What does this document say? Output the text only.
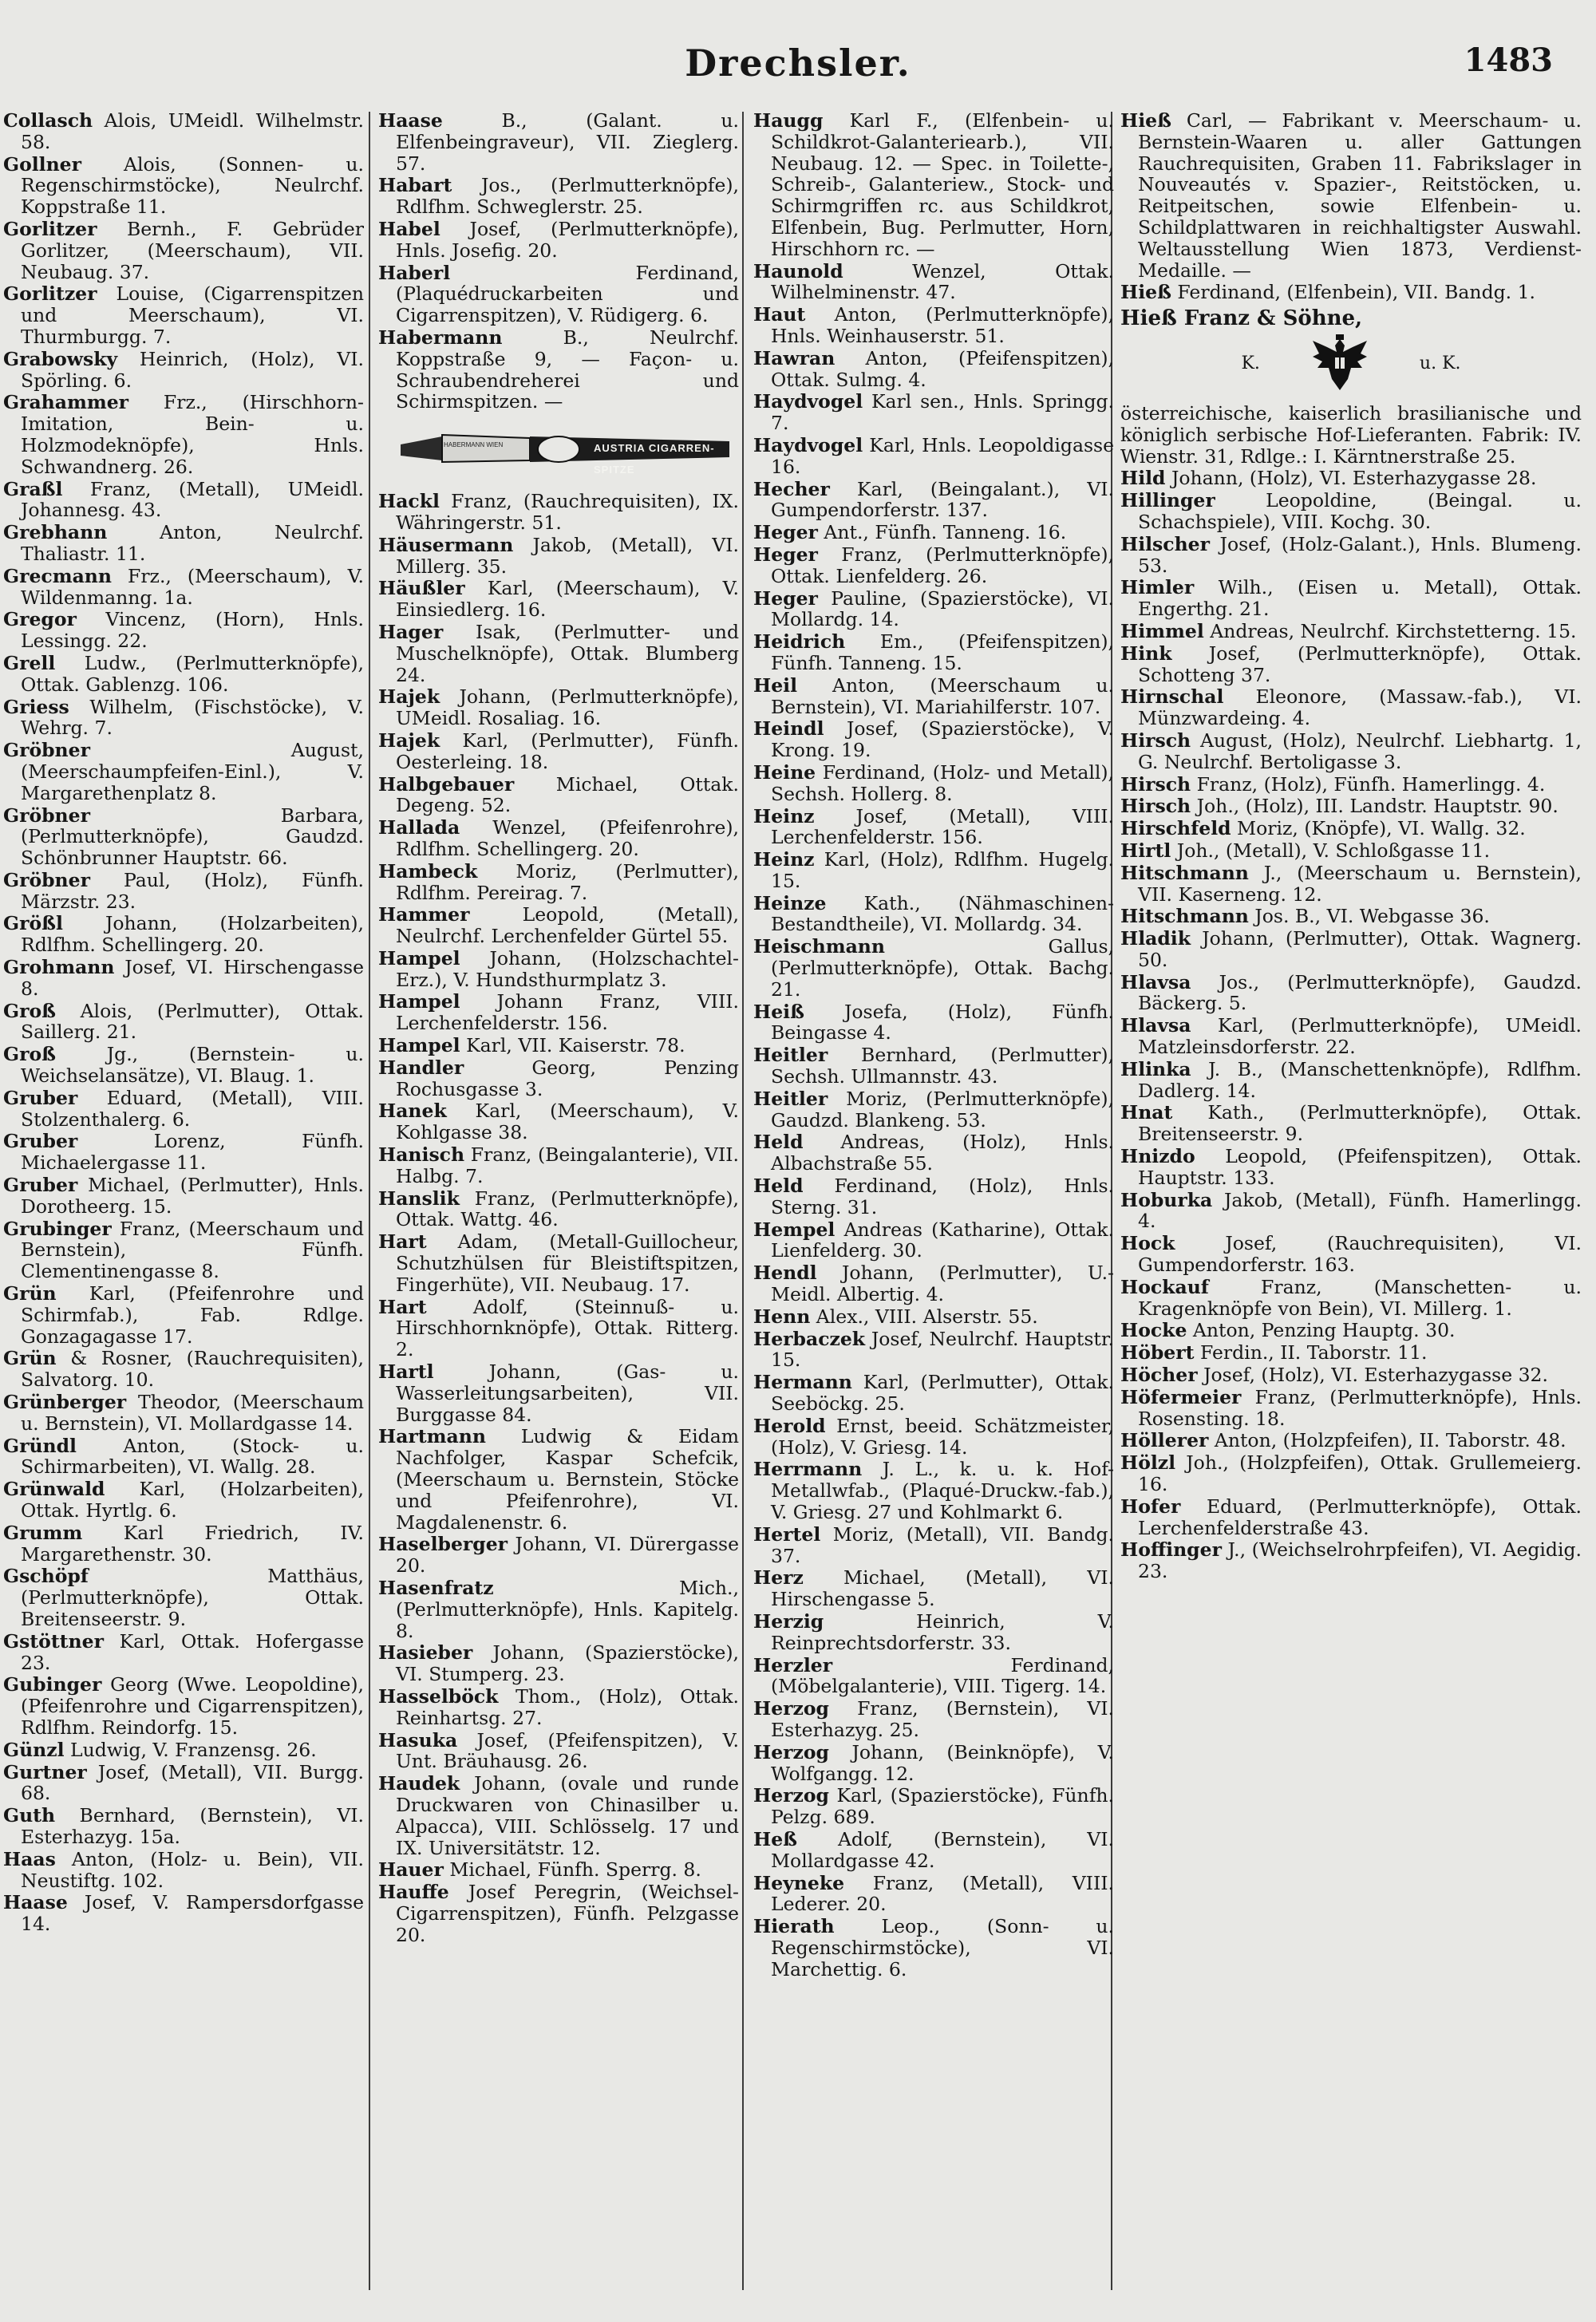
Drechsler.	1483
Collasch Alois, UMeidl. Wilhelmstr. 58.
Gollner Alois, (Sonnen- u. Regenschirmstöcke), Neulrchf. Koppstraße 11.
Gorlitzer Bernh., F. Gebrüder Gorlitzer, (Meerschaum), VII. Neubaug. 37.
Gorlitzer Louise, (Cigarrenspitzen und Meerschaum), VI. Thurmburgg. 7.
Grabowsky Heinrich, (Holz), VI. Spörling. 6.
Grahammer Frz., (Hirschhorn-Imitation, Bein- u. Holzmodeknöpfe), Hnls. Schwandnerg. 26.
Graßl Franz, (Metall), UMeidl. Johannesg. 43.
Grebhann Anton, Neulrchf. Thaliastr. 11.
Grecmann Frz., (Meerschaum), V. Wildenmanng. 1a.
Gregor Vincenz, (Horn), Hnls. Lessingg. 22.
Grell Ludw., (Perlmutterknöpfe), Ottak. Gablenzg. 106.
Griess Wilhelm, (Fischstöcke), V. Wehrg. 7.
Gröbner August, (Meerschaumpfeifen-Einl.), V. Margarethenplatz 8.
Gröbner Barbara, (Perlmutterknöpfe), Gaudzd. Schönbrunner Hauptstr. 66.
Gröbner Paul, (Holz), Fünfh. Märzstr. 23.
Größl Johann, (Holzarbeiten), Rdlfhm. Schellingerg. 20.
Grohmann Josef, VI. Hirschengasse 8.
Groß Alois, (Perlmutter), Ottak. Saillerg. 21.
Groß Jg., (Bernstein- u. Weichselansätze), VI. Blaug. 1.
Gruber Eduard, (Metall), VIII. Stolzenthalerg. 6.
Gruber Lorenz, Fünfh. Michaelergasse 11.
Gruber Michael, (Perlmutter), Hnls. Dorotheerg. 15.
Grubinger Franz, (Meerschaum und Bernstein), Fünfh. Clementinengasse 8.
Grün Karl, (Pfeifenrohre und Schirmfab.), Fab. Rdlge. Gonzagagasse 17.
Grün & Rosner, (Rauchrequisiten), Salvatorg. 10.
Grünberger Theodor, (Meerschaum u. Bernstein), VI. Mollardgasse 14.
Gründl Anton, (Stock- u. Schirmarbeiten), VI. Wallg. 28.
Grünwald Karl, (Holzarbeiten), Ottak. Hyrtlg. 6.
Grumm Karl Friedrich, IV. Margarethenstr. 30.
Gschöpf Matthäus, (Perlmutterknöpfe), Ottak. Breitenseerstr. 9.
Gstöttner Karl, Ottak. Hofergasse 23.
Gubinger Georg (Wwe. Leopoldine), (Pfeifenrohre und Cigarrenspitzen), Rdlfhm. Reindorfg. 15.
Günzl Ludwig, V. Franzensg. 26.
Gurtner Josef, (Metall), VII. Burgg. 68.
Guth Bernhard, (Bernstein), VI. Esterhazyg. 15a.
Haas Anton, (Holz- u. Bein), VII. Neustiftg. 102.
Haase Josef, V. Rampersdorfgasse 14.
Haase B., (Galant. u. Elfenbeingraveur), VII. Zieglerg. 57.
Habart Jos., (Perlmutterknöpfe), Rdlfhm. Schweglerstr. 25.
Habel Josef, (Perlmutterknöpfe), Hnls. Josefig. 20.
Haberl Ferdinand, (Plaquédruckarbeiten und Cigarrenspitzen), V. Rüdigerg. 6.
Habermann B., Neulrchf. Koppstraße 9, — Façon- u. Schraubendreherei und Schirmspitzen. —
HABERMANN WIEN	AUSTRIA CIGARREN-SPITZE
Hackl Franz, (Rauchrequisiten), IX. Währingerstr. 51.
Häusermann Jakob, (Metall), VI. Millerg. 35.
Häußler Karl, (Meerschaum), V. Einsiedlerg. 16.
Hager Isak, (Perlmutter- und Muschelknöpfe), Ottak. Blumberg 24.
Hajek Johann, (Perlmutterknöpfe), UMeidl. Rosaliag. 16.
Hajek Karl, (Perlmutter), Fünfh. Oesterleing. 18.
Halbgebauer Michael, Ottak. Degeng. 52.
Hallada Wenzel, (Pfeifenrohre), Rdlfhm. Schellingerg. 20.
Hambeck Moriz, (Perlmutter), Rdlfhm. Pereirag. 7.
Hammer Leopold, (Metall), Neulrchf. Lerchenfelder Gürtel 55.
Hampel Johann, (Holzschachtel-Erz.), V. Hundsthurmplatz 3.
Hampel Johann Franz, VIII. Lerchenfelderstr. 156.
Hampel Karl, VII. Kaiserstr. 78.
Handler Georg, Penzing Rochusgasse 3.
Hanek Karl, (Meerschaum), V. Kohlgasse 38.
Hanisch Franz, (Beingalanterie), VII. Halbg. 7.
Hanslik Franz, (Perlmutterknöpfe), Ottak. Wattg. 46.
Hart Adam, (Metall-Guillocheur, Schutzhülsen für Bleistiftspitzen, Fingerhüte), VII. Neubaug. 17.
Hart Adolf, (Steinnuß- u. Hirschhornknöpfe), Ottak. Ritterg. 2.
Hartl Johann, (Gas- u. Wasserleitungsarbeiten), VII. Burggasse 84.
Hartmann Ludwig & Eidam Nachfolger, Kaspar Schefcik, (Meerschaum u. Bernstein, Stöcke und Pfeifenrohre), VI. Magdalenenstr. 6.
Haselberger Johann, VI. Dürergasse 20.
Hasenfratz Mich., (Perlmutterknöpfe), Hnls. Kapitelg. 8.
Hasieber Johann, (Spazierstöcke), VI. Stumperg. 23.
Hasselböck Thom., (Holz), Ottak. Reinhartsg. 27.
Hasuka Josef, (Pfeifenspitzen), V. Unt. Bräuhausg. 26.
Haudek Johann, (ovale und runde Druckwaren von Chinasilber u. Alpacca), VIII. Schlösselg. 17 und IX. Universitätstr. 12.
Hauer Michael, Fünfh. Sperrg. 8.
Hauffe Josef Peregrin, (Weichsel-Cigarrenspitzen), Fünfh. Pelzgasse 20.
Haugg Karl F., (Elfenbein- u. Schildkrot-Galanteriearb.), VII. Neubaug. 12. — Spec. in Toilette-, Schreib-, Galanteriew., Stock- und Schirmgriffen rc. aus Schildkrot, Elfenbein, Bug. Perlmutter, Horn, Hirschhorn rc. —
Haunold Wenzel, Ottak. Wilhelminenstr. 47.
Haut Anton, (Perlmutterknöpfe), Hnls. Weinhauserstr. 51.
Hawran Anton, (Pfeifenspitzen), Ottak. Sulmg. 4.
Haydvogel Karl sen., Hnls. Springg. 7.
Haydvogel Karl, Hnls. Leopoldigasse 16.
Hecher Karl, (Beingalant.), VI. Gumpendorferstr. 137.
Heger Ant., Fünfh. Tanneng. 16.
Heger Franz, (Perlmutterknöpfe), Ottak. Lienfelderg. 26.
Heger Pauline, (Spazierstöcke), VI. Mollardg. 14.
Heidrich Em., (Pfeifenspitzen), Fünfh. Tanneng. 15.
Heil Anton, (Meerschaum u. Bernstein), VI. Mariahilferstr. 107.
Heindl Josef, (Spazierstöcke), V. Krong. 19.
Heine Ferdinand, (Holz- und Metall), Sechsh. Hollerg. 8.
Heinz Josef, (Metall), VIII. Lerchenfelderstr. 156.
Heinz Karl, (Holz), Rdlfhm. Hugelg. 15.
Heinze Kath., (Nähmaschinen-Bestandtheile), VI. Mollardg. 34.
Heischmann Gallus, (Perlmutterknöpfe), Ottak. Bachg. 21.
Heiß Josefa, (Holz), Fünfh. Beingasse 4.
Heitler Bernhard, (Perlmutter), Sechsh. Ullmannstr. 43.
Heitler Moriz, (Perlmutterknöpfe), Gaudzd. Blankeng. 53.
Held Andreas, (Holz), Hnls. Albachstraße 55.
Held Ferdinand, (Holz), Hnls. Sterng. 31.
Hempel Andreas (Katharine), Ottak. Lienfelderg. 30.
Hendl Johann, (Perlmutter), U.-Meidl. Albertig. 4.
Henn Alex., VIII. Alserstr. 55.
Herbaczek Josef, Neulrchf. Hauptstr. 15.
Hermann Karl, (Perlmutter), Ottak. Seeböckg. 25.
Herold Ernst, beeid. Schätzmeister, (Holz), V. Griesg. 14.
Herrmann J. L., k. u. k. Hof-Metallwfab., (Plaqué-Druckw.-fab.), V. Griesg. 27 und Kohlmarkt 6.
Hertel Moriz, (Metall), VII. Bandg. 37.
Herz Michael, (Metall), VI. Hirschengasse 5.
Herzig Heinrich, V. Reinprechtsdorferstr. 33.
Herzler Ferdinand, (Möbelgalanterie), VIII. Tigerg. 14.
Herzog Franz, (Bernstein), VI. Esterhazyg. 25.
Herzog Johann, (Beinknöpfe), V. Wolfgangg. 12.
Herzog Karl, (Spazierstöcke), Fünfh. Pelzg. 689.
Heß Adolf, (Bernstein), VI. Mollardgasse 42.
Heyneke Franz, (Metall), VIII. Lederer. 20.
Hierath Leop., (Sonn- u. Regenschirmstöcke), VI. Marchettig. 6.
Hieß Carl, — Fabrikant v. Meerschaum- u. Bernstein-Waaren u. aller Gattungen Rauchrequisiten, Graben 11. Fabrikslager in Nouveautés v. Spazier-, Reitstöcken, u. Reitpeitschen, sowie Elfenbein- u. Schildplattwaren in reichhaltigster Auswahl. Weltausstellung Wien 1873, Verdienst-Medaille. —
Hieß Ferdinand, (Elfenbein), VII. Bandg. 1.
Hieß Franz & Söhne,
K.	u. K.
österreichische, kaiserlich brasilianische und königlich serbische Hof-Lieferanten. Fabrik: IV. Wienstr. 31, Rdlge.: I. Kärntnerstraße 25.
Hild Johann, (Holz), VI. Esterhazygasse 28.
Hillinger Leopoldine, (Beingal. u. Schachspiele), VIII. Kochg. 30.
Hilscher Josef, (Holz-Galant.), Hnls. Blumeng. 53.
Himler Wilh., (Eisen u. Metall), Ottak. Engerthg. 21.
Himmel Andreas, Neulrchf. Kirchstetterng. 15.
Hink Josef, (Perlmutterknöpfe), Ottak. Schotteng 37.
Hirnschal Eleonore, (Massaw.-fab.), VI. Münzwardeing. 4.
Hirsch August, (Holz), Neulrchf. Liebhartg. 1, G. Neulrchf. Bertoligasse 3.
Hirsch Franz, (Holz), Fünfh. Hamerlingg. 4.
Hirsch Joh., (Holz), III. Landstr. Hauptstr. 90.
Hirschfeld Moriz, (Knöpfe), VI. Wallg. 32.
Hirtl Joh., (Metall), V. Schloßgasse 11.
Hitschmann J., (Meerschaum u. Bernstein), VII. Kaserneng. 12.
Hitschmann Jos. B., VI. Webgasse 36.
Hladik Johann, (Perlmutter), Ottak. Wagnerg. 50.
Hlavsa Jos., (Perlmutterknöpfe), Gaudzd. Bäckerg. 5.
Hlavsa Karl, (Perlmutterknöpfe), UMeidl. Matzleinsdorferstr. 22.
Hlinka J. B., (Manschettenknöpfe), Rdlfhm. Dadlerg. 14.
Hnat Kath., (Perlmutterknöpfe), Ottak. Breitenseerstr. 9.
Hnizdo Leopold, (Pfeifenspitzen), Ottak. Hauptstr. 133.
Hoburka Jakob, (Metall), Fünfh. Hamerlingg. 4.
Hock Josef, (Rauchrequisiten), VI. Gumpendorferstr. 163.
Hockauf Franz, (Manschetten- u. Kragenknöpfe von Bein), VI. Millerg. 1.
Hocke Anton, Penzing Hauptg. 30.
Höbert Ferdin., II. Taborstr. 11.
Höcher Josef, (Holz), VI. Esterhazygasse 32.
Höfermeier Franz, (Perlmutterknöpfe), Hnls. Rosensting. 18.
Höllerer Anton, (Holzpfeifen), II. Taborstr. 48.
Hölzl Joh., (Holzpfeifen), Ottak. Grullemeierg. 16.
Hofer Eduard, (Perlmutterknöpfe), Ottak. Lerchenfelderstraße 43.
Hoffinger J., (Weichselrohrpfeifen), VI. Aegidig. 23.
